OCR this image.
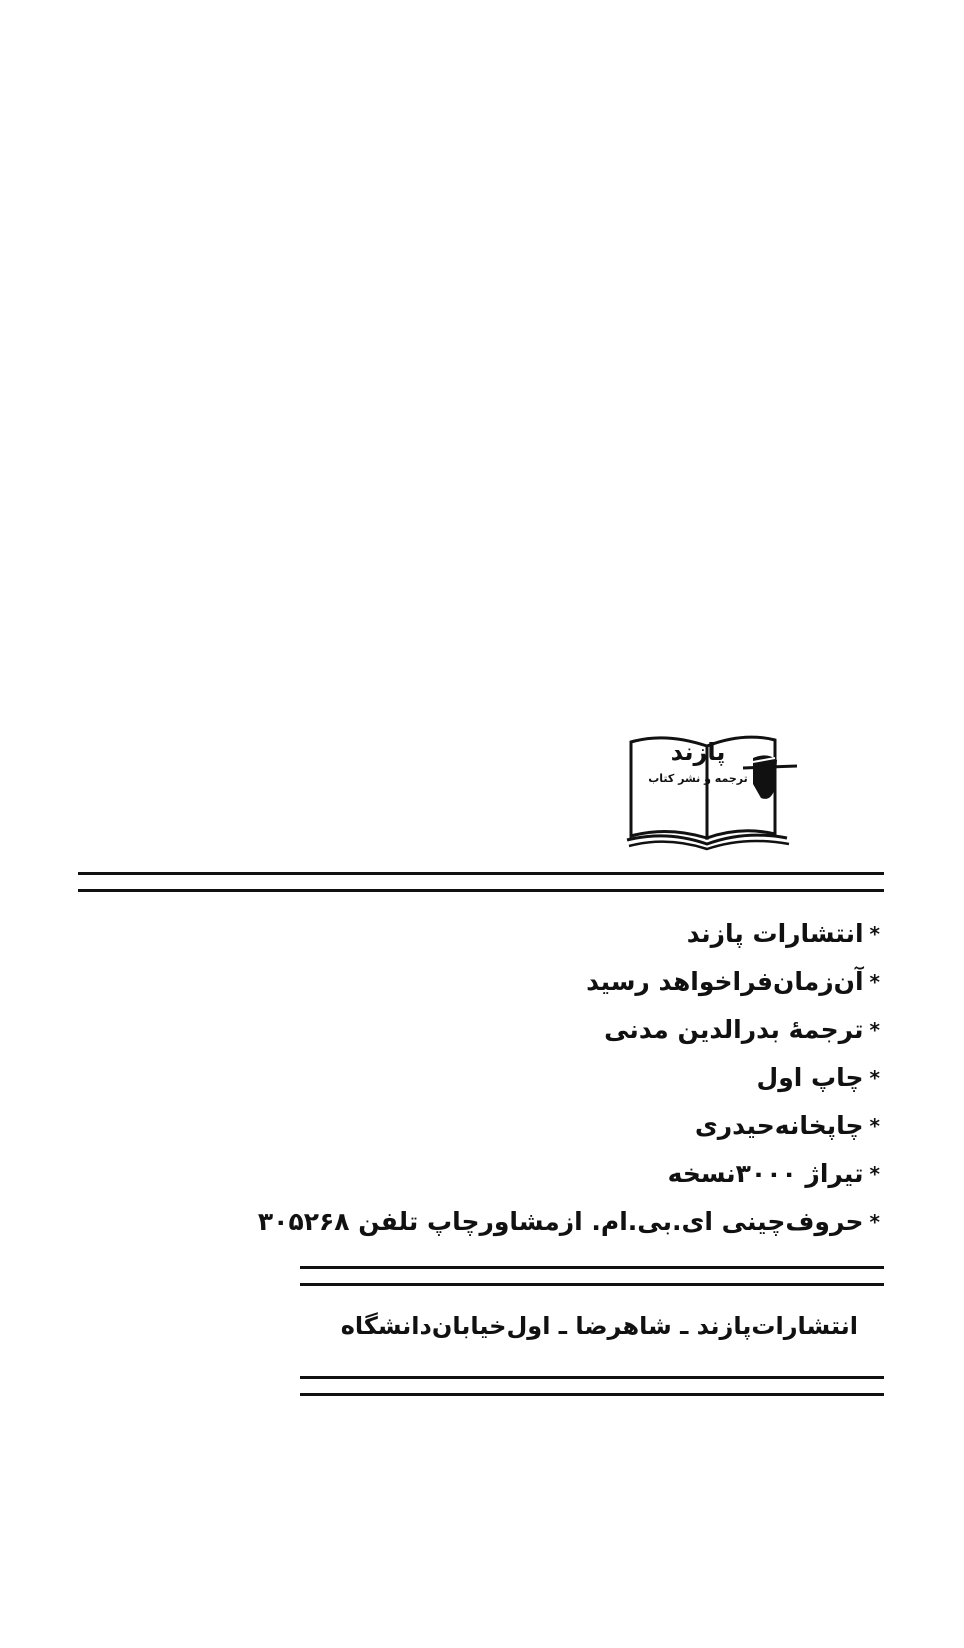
پازند
ترجمه و نشر کتاب
*
انتشارات پازند
*
آن‌زمان‌فراخواهد رسید
*
ترجمهٔ بدرالدین مدنی
*
چاپ اول
*
چاپخانه‌حیدری
*
تیراژ ۳۰۰۰نسخه
*
حروف‌چینی ای.بی.ام. ازمشاورچاپ تلفن ۳۰۵۲۶۸
انتشارات‌پازند ـ شاهرضا ـ اول‌خیابان‌دانشگاه
